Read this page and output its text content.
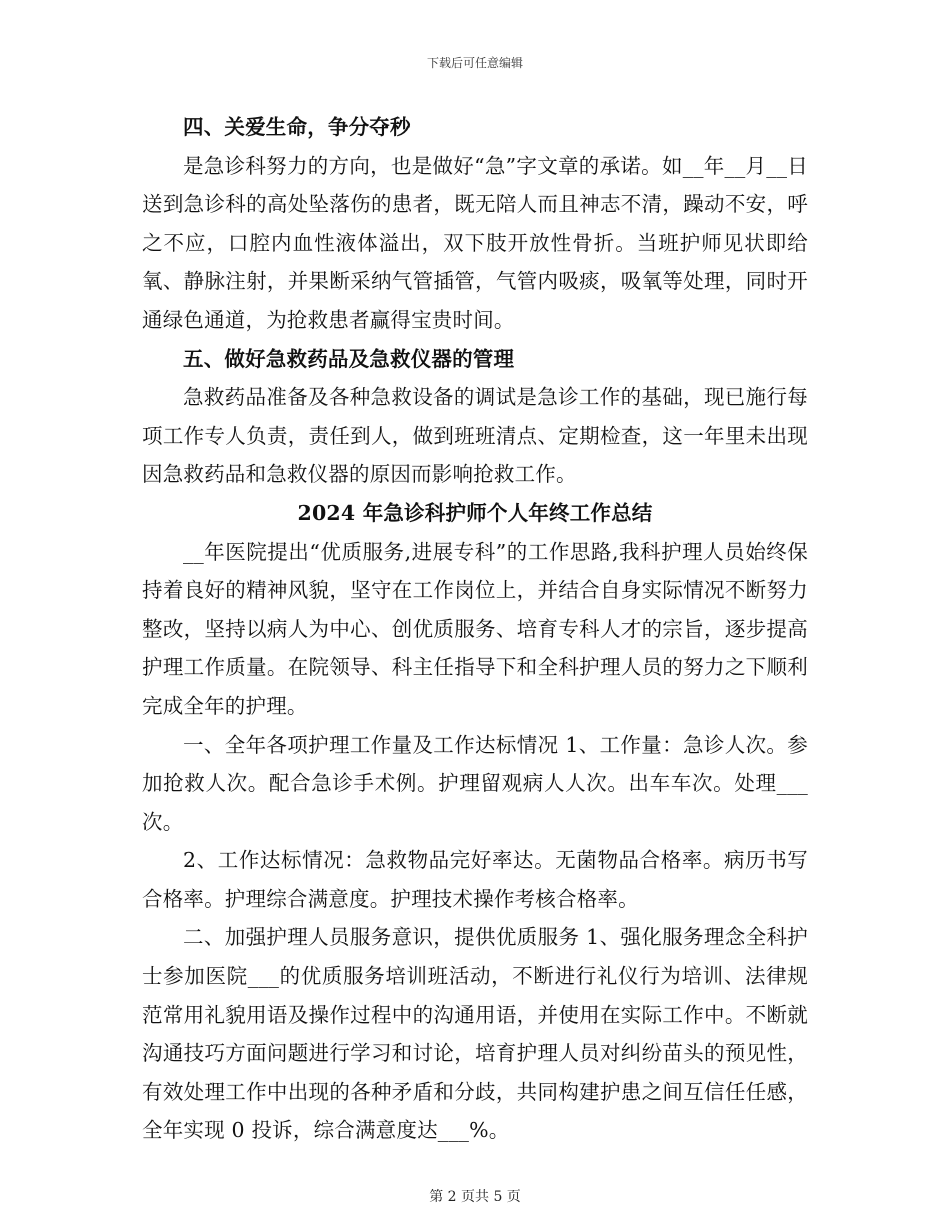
下载后可任意编辑

四、关爱生命，争分夺秒

是急诊科努力的方向，也是做好“急”字文章的承诺。如__年__月__日送到急诊科的高处坠落伤的患者，既无陪人而且神志不清，躁动不安，呼之不应，口腔内血性液体溢出，双下肢开放性骨折。当班护师见状即给氧、静脉注射，并果断采纳气管插管，气管内吸痰，吸氧等处理，同时开通绿色通道，为抢救患者赢得宝贵时间。

五、做好急救药品及急救仪器的管理

急救药品准备及各种急救设备的调试是急诊工作的基础，现已施行每项工作专人负责，责任到人，做到班班清点、定期检查，这一年里未出现因急救药品和急救仪器的原因而影响抢救工作。

2024 年急诊科护师个人年终工作总结

__年医院提出“优质服务,进展专科”的工作思路,我科护理人员始终保持着良好的精神风貌，坚守在工作岗位上，并结合自身实际情况不断努力整改，坚持以病人为中心、创优质服务、培育专科人才的宗旨，逐步提高护理工作质量。在院领导、科主任指导下和全科护理人员的努力之下顺利完成全年的护理。

一、全年各项护理工作量及工作达标情况 1、工作量：急诊人次。参加抢救人次。配合急诊手术例。护理留观病人人次。出车车次。处理___次。

2、工作达标情况：急救物品完好率达。无菌物品合格率。病历书写合格率。护理综合满意度。护理技术操作考核合格率。

二、加强护理人员服务意识，提供优质服务 1、强化服务理念全科护士参加医院___的优质服务培训班活动，不断进行礼仪行为培训、法律规范常用礼貌用语及操作过程中的沟通用语，并使用在实际工作中。不断就沟通技巧方面问题进行学习和讨论，培育护理人员对纠纷苗头的预见性，有效处理工作中出现的各种矛盾和分歧，共同构建护患之间互信任任感，全年实现 0 投诉，综合满意度达___%。

第 2 页共 5 页
